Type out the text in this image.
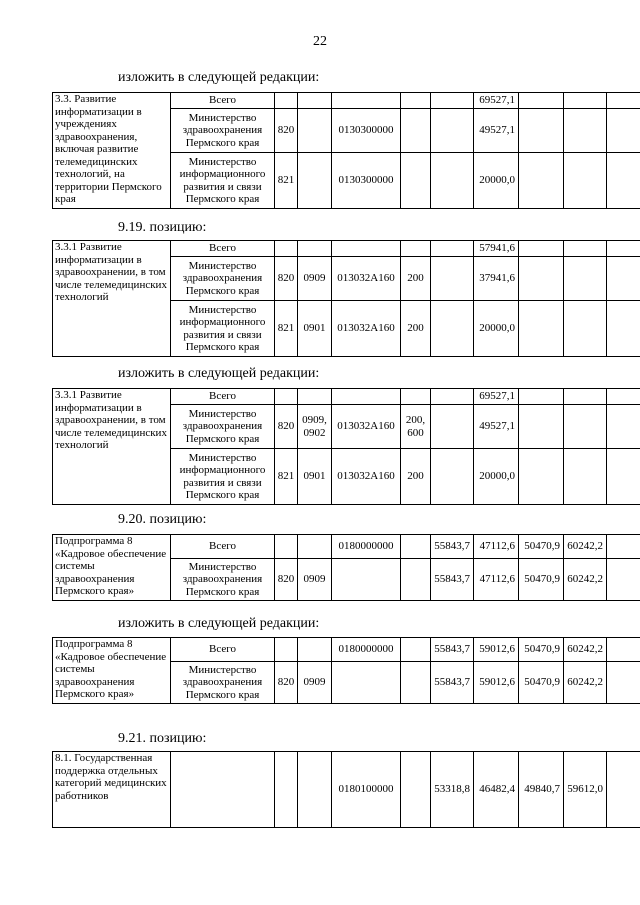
22
изложить в следующей редакции:
3.3. Развитие информатизации в учреждениях здравоохранения, включая развитие телемедицинских технологий, на территории Пермского края	Всего						69527,1			
	Министерство здравоохранения Пермского края	820		0130300000			49527,1			
	Министерство информационного развития и связи Пермского края	821		0130300000			20000,0			
9.19. позицию:
3.3.1 Развитие информатизации в здравоохранении, в том числе телемедицинских технологий	Всего						57941,6			
	Министерство здравоохранения Пермского края	820	0909	013032А160	200		37941,6			
	Министерство информационного развития и связи Пермского края	821	0901	013032А160	200		20000,0			
изложить в следующей редакции:
3.3.1 Развитие информатизации в здравоохранении, в том числе телемедицинских технологий	Всего						69527,1			
	Министерство здравоохранения Пермского края	820	0909, 0902	013032А160	200, 600		49527,1			
	Министерство информационного развития и связи Пермского края	821	0901	013032А160	200		20000,0			
9.20. позицию:
Подпрограмма 8 «Кадровое обеспечение системы здравоохранения Пермского края»	Всего			0180000000		55843,7	47112,6	50470,9	60242,2	
	Министерство здравоохранения Пермского края	820	0909			55843,7	47112,6	50470,9	60242,2	
изложить в следующей редакции:
Подпрограмма 8 «Кадровое обеспечение системы здравоохранения Пермского края»	Всего			0180000000		55843,7	59012,6	50470,9	60242,2	
	Министерство здравоохранения Пермского края	820	0909			55843,7	59012,6	50470,9	60242,2	
9.21. позицию:
8.1. Государственная поддержка отдельных категорий медицинских работников				0180100000		53318,8	46482,4	49840,7	59612,0	
